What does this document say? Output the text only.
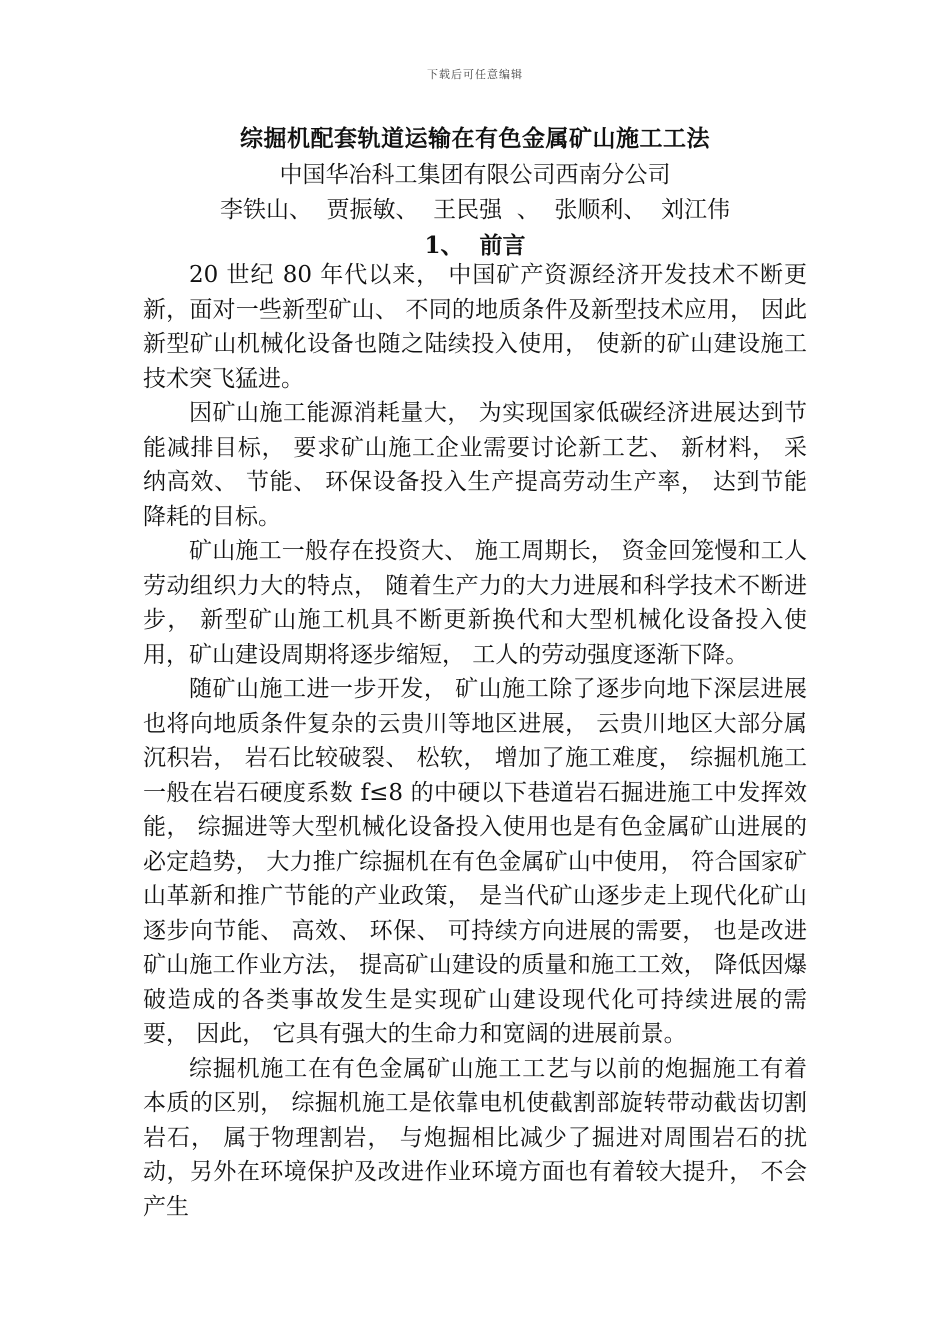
下载后可任意编辑
综掘机配套轨道运输在有色金属矿山施工工法
中国华冶科工集团有限公司西南分公司
李铁山、  贾振敏、  王民强  、  张顺利、  刘江伟
1、  前言

20 世纪 80 年代以来， 中国矿产资源经济开发技术不断更新，面对一些新型矿山、 不同的地质条件及新型技术应用， 因此新型矿山机械化设备也随之陆续投入使用， 使新的矿山建设施工技术突飞猛进。

因矿山施工能源消耗量大， 为实现国家低碳经济进展达到节能减排目标， 要求矿山施工企业需要讨论新工艺、 新材料， 采纳高效、 节能、 环保设备投入生产提高劳动生产率， 达到节能降耗的目标。

矿山施工一般存在投资大、 施工周期长， 资金回笼慢和工人劳动组织力大的特点， 随着生产力的大力进展和科学技术不断进步， 新型矿山施工机具不断更新换代和大型机械化设备投入使用，矿山建设周期将逐步缩短， 工人的劳动强度逐渐下降。

随矿山施工进一步开发， 矿山施工除了逐步向地下深层进展也将向地质条件复杂的云贵川等地区进展， 云贵川地区大部分属沉积岩， 岩石比较破裂、 松软， 增加了施工难度， 综掘机施工一般在岩石硬度系数 f≤8 的中硬以下巷道岩石掘进施工中发挥效能， 综掘进等大型机械化设备投入使用也是有色金属矿山进展的必定趋势， 大力推广综掘机在有色金属矿山中使用， 符合国家矿山革新和推广节能的产业政策， 是当代矿山逐步走上现代化矿山逐步向节能、 高效、 环保、 可持续方向进展的需要， 也是改进矿山施工作业方法， 提高矿山建设的质量和施工工效， 降低因爆破造成的各类事故发生是实现矿山建设现代化可持续进展的需要， 因此， 它具有强大的生命力和宽阔的进展前景。

综掘机施工在有色金属矿山施工工艺与以前的炮掘施工有着本质的区别， 综掘机施工是依靠电机使截割部旋转带动截齿切割岩石， 属于物理割岩， 与炮掘相比减少了掘进对周围岩石的扰动，另外在环境保护及改进作业环境方面也有着较大提升， 不会产生
